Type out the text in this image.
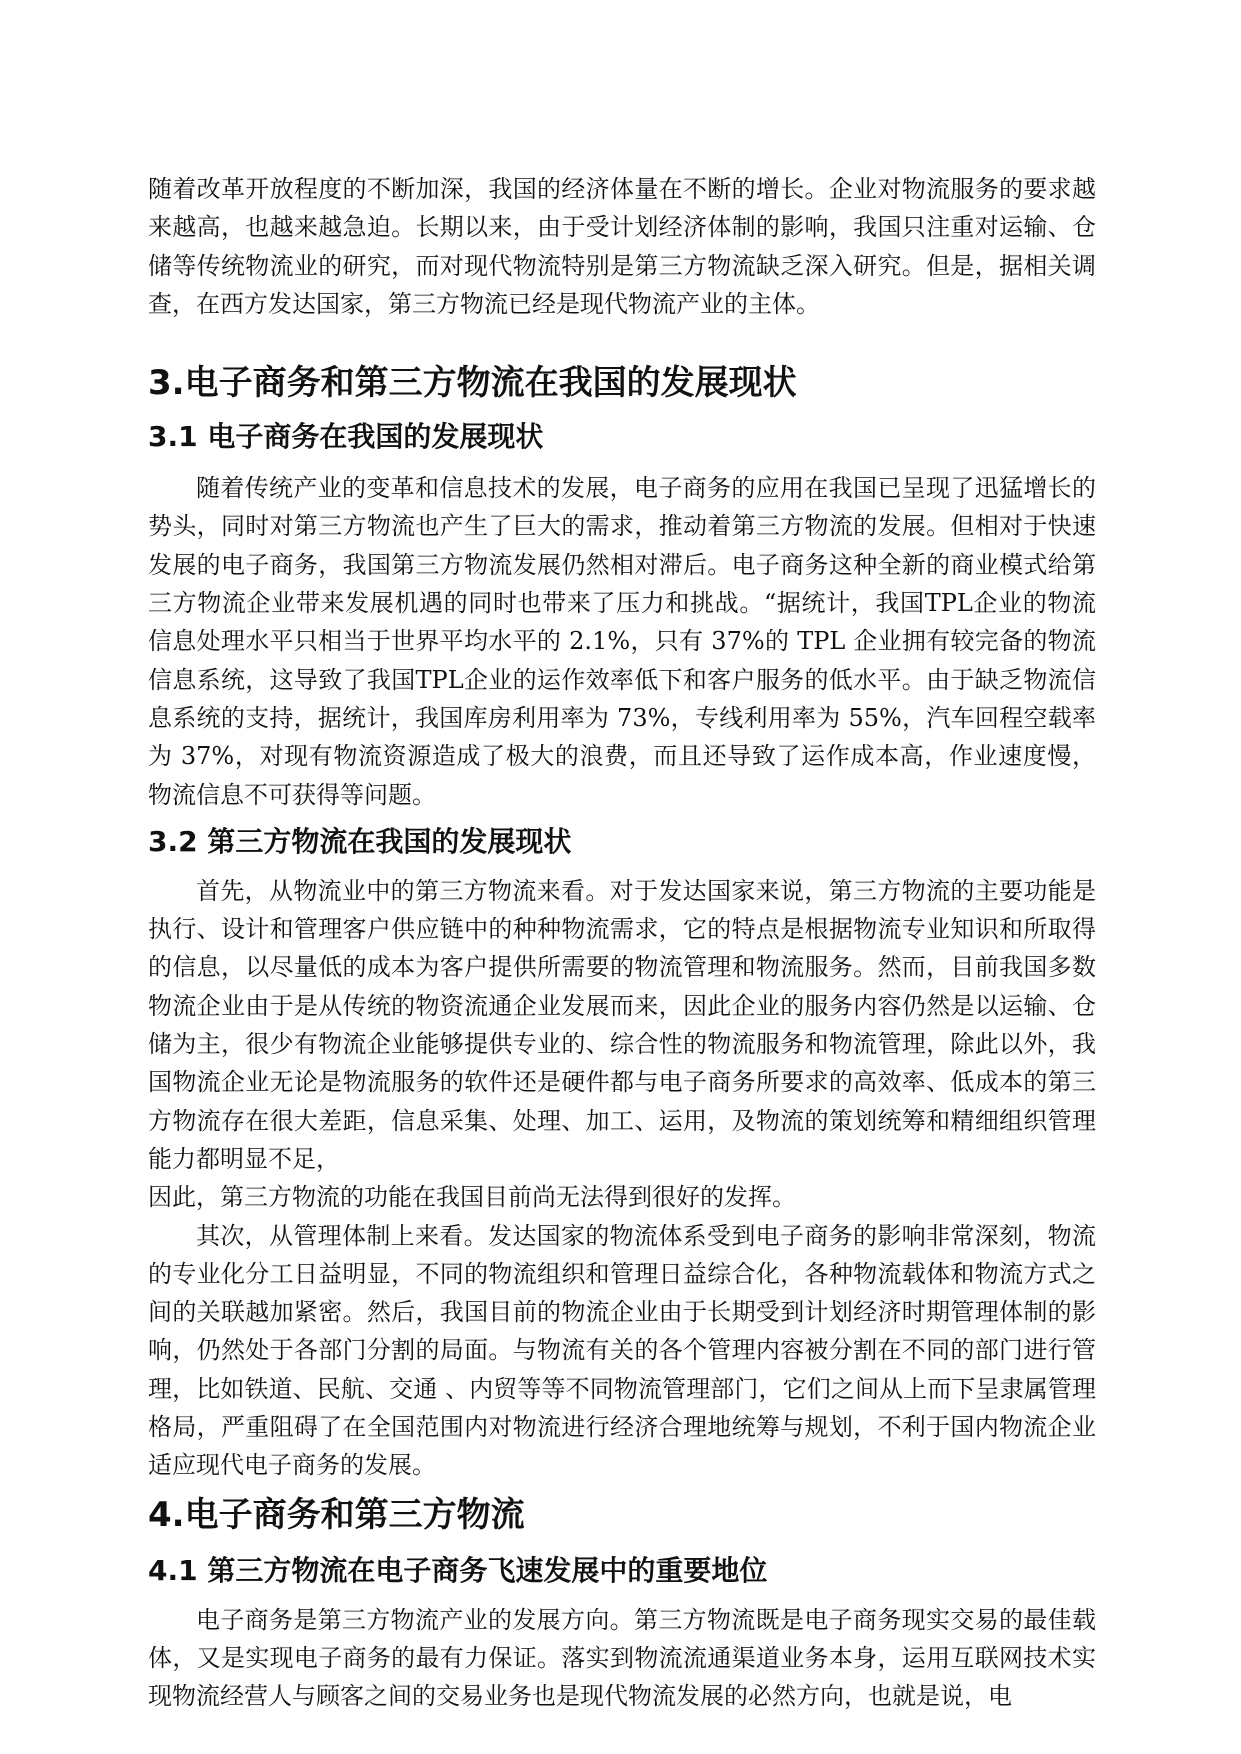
随着改革开放程度的不断加深，我国的经济体量在不断的增长。企业对物流服务的要求越来越高，也越来越急迫。长期以来，由于受计划经济体制的影响，我国只注重对运输、仓储等传统物流业的研究，而对现代物流特别是第三方物流缺乏深入研究。但是，据相关调查，在西方发达国家，第三方物流已经是现代物流产业的主体。

3.电子商务和第三方物流在我国的发展现状
3.1 电子商务在我国的发展现状

随着传统产业的变革和信息技术的发展，电子商务的应用在我国已呈现了迅猛增长的势头，同时对第三方物流也产生了巨大的需求，推动着第三方物流的发展。但相对于快速发展的电子商务，我国第三方物流发展仍然相对滞后。电子商务这种全新的商业模式给第三方物流企业带来发展机遇的同时也带来了压力和挑战。“据统计，我国TPL企业的物流信息处理水平只相当于世界平均水平的 2.1%，只有 37%的 TPL 企业拥有较完备的物流信息系统，这导致了我国TPL企业的运作效率低下和客户服务的低水平。由于缺乏物流信息系统的支持，据统计，我国库房利用率为 73%，专线利用率为 55%，汽车回程空载率为 37%，对现有物流资源造成了极大的浪费，而且还导致了运作成本高，作业速度慢，物流信息不可获得等问题。

3.2 第三方物流在我国的发展现状

首先，从物流业中的第三方物流来看。对于发达国家来说，第三方物流的主要功能是执行、设计和管理客户供应链中的种种物流需求，它的特点是根据物流专业知识和所取得的信息，以尽量低的成本为客户提供所需要的物流管理和物流服务。然而，目前我国多数物流企业由于是从传统的物资流通企业发展而来，因此企业的服务内容仍然是以运输、仓储为主，很少有物流企业能够提供专业的、综合性的物流服务和物流管理，除此以外，我国物流企业无论是物流服务的软件还是硬件都与电子商务所要求的高效率、低成本的第三方物流存在很大差距，信息采集、处理、加工、运用，及物流的策划统筹和精细组织管理能力都明显不足，

因此，第三方物流的功能在我国目前尚无法得到很好的发挥。

其次，从管理体制上来看。发达国家的物流体系受到电子商务的影响非常深刻，物流的专业化分工日益明显，不同的物流组织和管理日益综合化，各种物流载体和物流方式之间的关联越加紧密。然后，我国目前的物流企业由于长期受到计划经济时期管理体制的影响，仍然处于各部门分割的局面。与物流有关的各个管理内容被分割在不同的部门进行管理，比如铁道、民航、交通 、内贸等等不同物流管理部门，它们之间从上而下呈隶属管理格局，严重阻碍了在全国范围内对物流进行经济合理地统筹与规划，不利于国内物流企业适应现代电子商务的发展。

4.电子商务和第三方物流
4.1 第三方物流在电子商务飞速发展中的重要地位

电子商务是第三方物流产业的发展方向。第三方物流既是电子商务现实交易的最佳载体，又是实现电子商务的最有力保证。落实到物流流通渠道业务本身，运用互联网技术实现物流经营人与顾客之间的交易业务也是现代物流发展的必然方向，也就是说，电
